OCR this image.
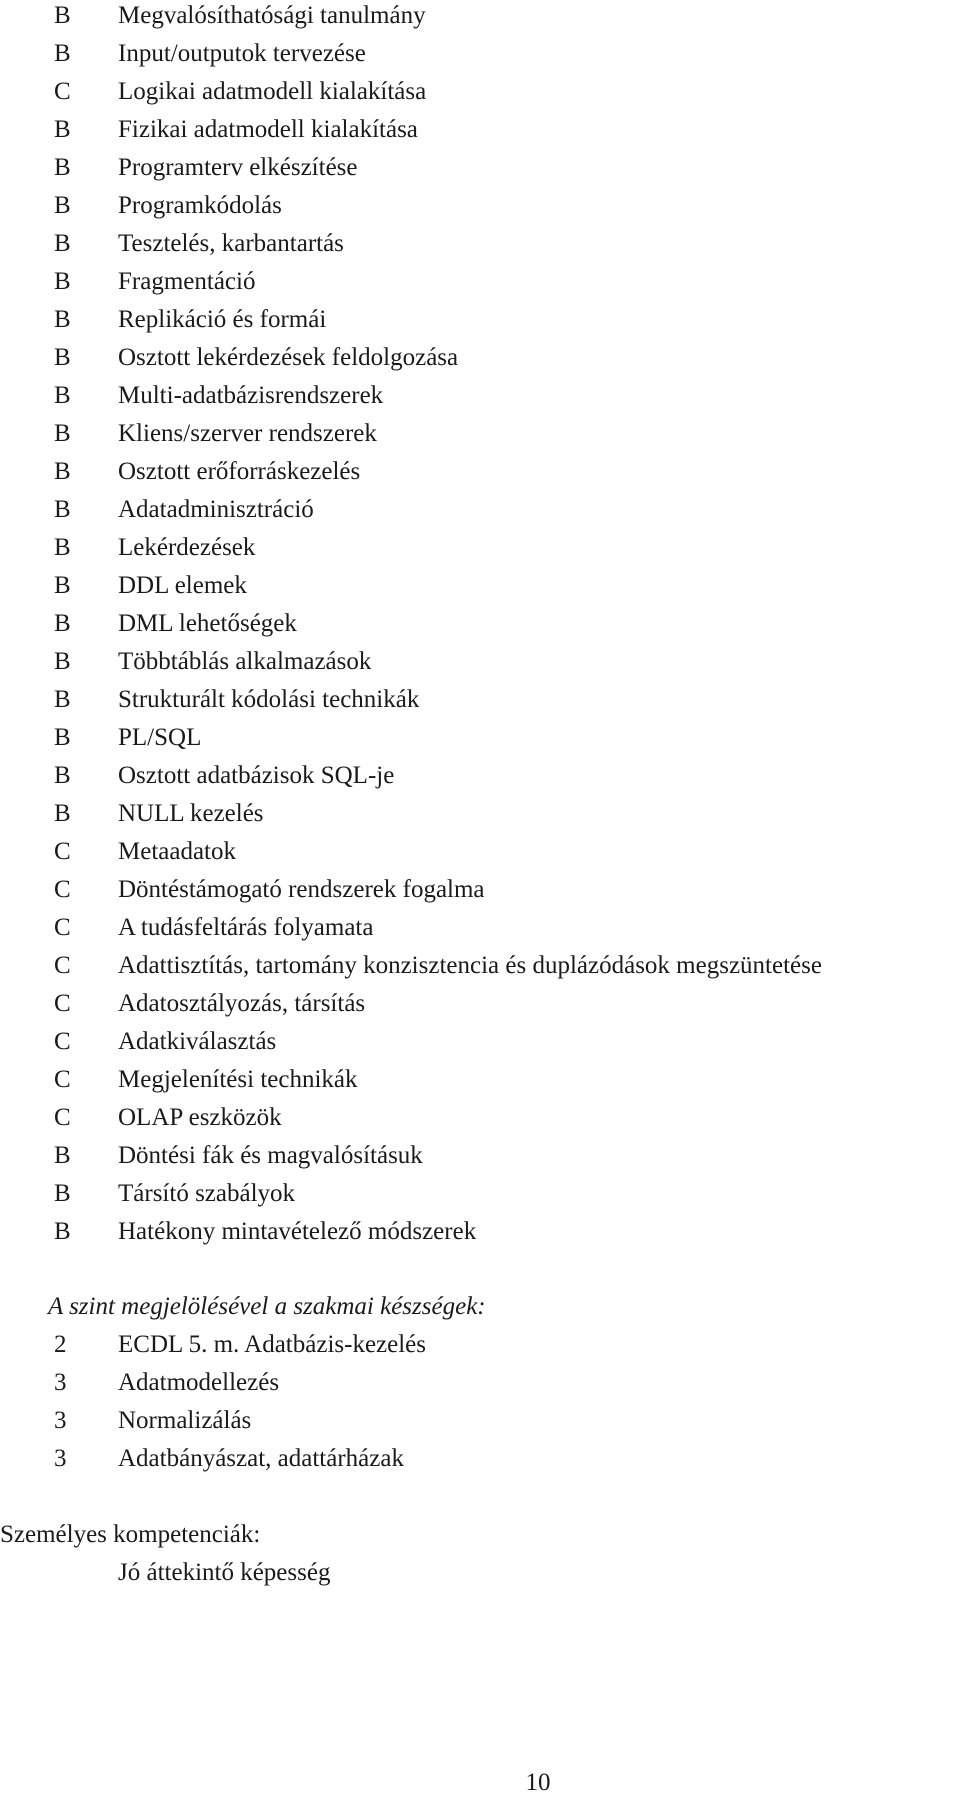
B Megvalósíthatósági tanulmány
B Input/outputok tervezése
C Logikai adatmodell kialakítása
B Fizikai adatmodell kialakítása
B Programterv elkészítése
B Programkódolás
B Tesztelés, karbantartás
B Fragmentáció
B Replikáció és formái
B Osztott lekérdezések feldolgozása
B Multi-adatbázisrendszerek
B Kliens/szerver rendszerek
B Osztott erőforráskezelés
B Adatadminisztráció
B Lekérdezések
B DDL elemek
B DML lehetőségek
B Többtáblás alkalmazások
B Strukturált kódolási technikák
B PL/SQL
B Osztott adatbázisok SQL-je
B NULL kezelés
C Metaadatok
C Döntéstámogató rendszerek fogalma
C A tudásfeltárás folyamata
C Adattisztítás, tartomány konzisztencia és duplázódások megszüntetése
C Adatosztályozás, társítás
C Adatkiválasztás
C Megjelenítési technikák
C OLAP eszközök
B Döntési fák és magvalósításuk
B Társító szabályok
B Hatékony mintavételező módszerek
A szint megjelölésével a szakmai készségek:
2 ECDL 5. m. Adatbázis-kezelés
3 Adatmodellezés
3 Normalizálás
3 Adatbányászat, adattárházak
Személyes kompetenciák:
Jó áttekintő képesség
10
